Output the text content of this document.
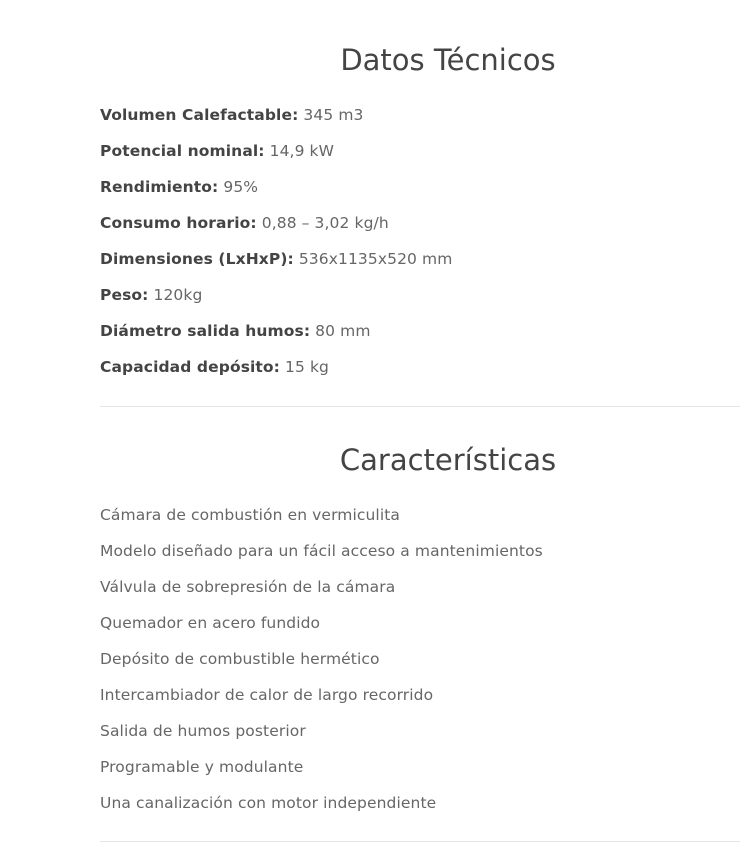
Datos Técnicos
Volumen Calefactable: 345 m3
Potencial nominal: 14,9 kW
Rendimiento: 95%
Consumo horario: 0,88 – 3,02 kg/h
Dimensiones (LxHxP): 536x1135x520 mm
Peso: 120kg
Diámetro salida humos: 80 mm
Capacidad depósito: 15 kg
Características
Cámara de combustión en vermiculita
Modelo diseñado para un fácil acceso a mantenimientos
Válvula de sobrepresión de la cámara
Quemador en acero fundido
Depósito de combustible hermético
Intercambiador de calor de largo recorrido
Salida de humos posterior
Programable y modulante
Una canalización con motor independiente
